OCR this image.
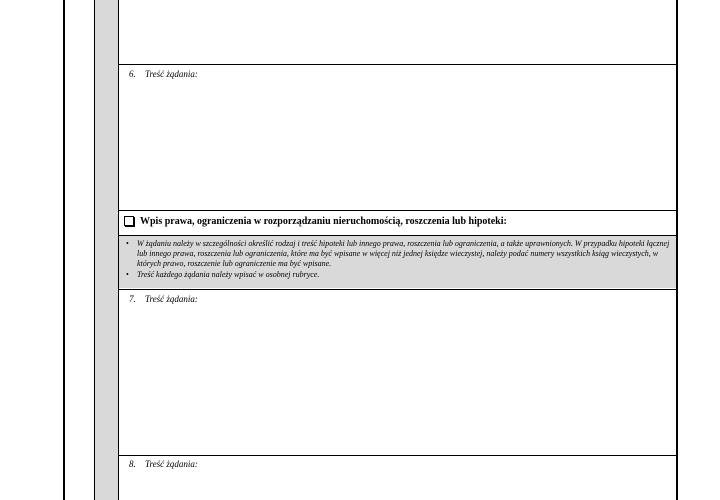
6. Treść żądania:
Wpis prawa, ograniczenia w rozporządzaniu nieruchomością, roszczenia lub hipoteki:
• W żądaniu należy w szczególności określić rodzaj i treść hipoteki lub innego prawa, roszczenia lub ograniczenia, a także uprawnionych. W przypadku hipoteki łącznej lub innego prawa, roszczenia lub ograniczenia, które ma być wpisane w więcej niż jednej księdze wieczystej, należy podać numery wszystkich ksiąg wieczystych, w których prawo, roszczenie lub ograniczenie ma być wpisane.
• Treść każdego żądania należy wpisać w osobnej rubryce.
7. Treść żądania:
8. Treść żądania:
